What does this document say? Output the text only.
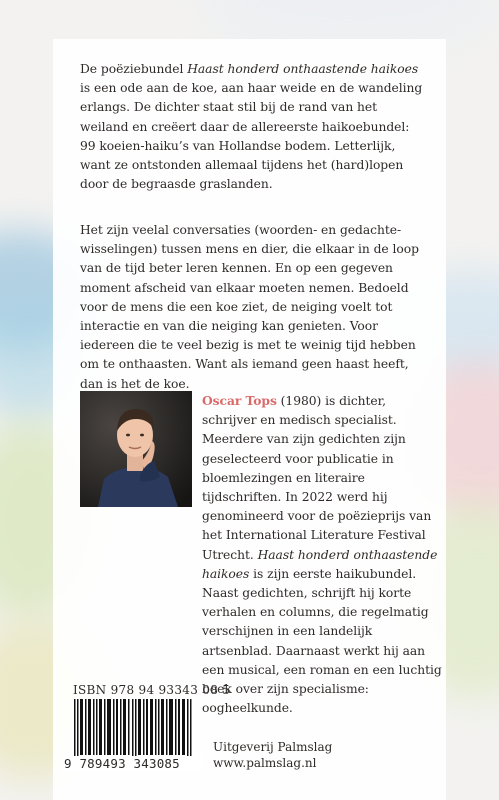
De poëziebundel Haast honderd onthaastende haikoes is een ode aan de koe, aan haar weide en de wandeling erlangs. De dichter staat stil bij de rand van het weiland en creëert daar de allereerste haikoebundel: 99 koeien-haiku’s van Hollandse bodem. Letterlijk, want ze ontstonden allemaal tijdens het (hard)lopen door de begraasde graslanden.

Het zijn veelal conversaties (woorden- en gedachte-wisselingen) tussen mens en dier, die elkaar in de loop van de tijd beter leren kennen. En op een gegeven moment afscheid van elkaar moeten nemen. Bedoeld voor de mens die een koe ziet, de neiging voelt tot interactie en van die neiging kan genieten. Voor iedereen die te veel bezig is met te weinig tijd hebben om te onthaasten. Want als iemand geen haast heeft, dan is het de koe.

Oscar Tops (1980) is dichter, schrijver en medisch specialist. Meerdere van zijn gedichten zijn geselecteerd voor publicatie in bloemlezingen en literaire tijdschriften. In 2022 werd hij genomineerd voor de poëzieprijs van het International Literature Festival Utrecht. Haast honderd onthaastende haikoes is zijn eerste haikubundel. Naast gedichten, schrijft hij korte verhalen en columns, die regelmatig verschijnen in een landelijk artsenblad. Daarnaast werkt hij aan een musical, een roman en een luchtig boek over zijn specialisme: oogheelkunde.

ISBN 978 94 93343 08 5
9 789493 343085
Uitgeverij Palmslag
www.palmslag.nl
